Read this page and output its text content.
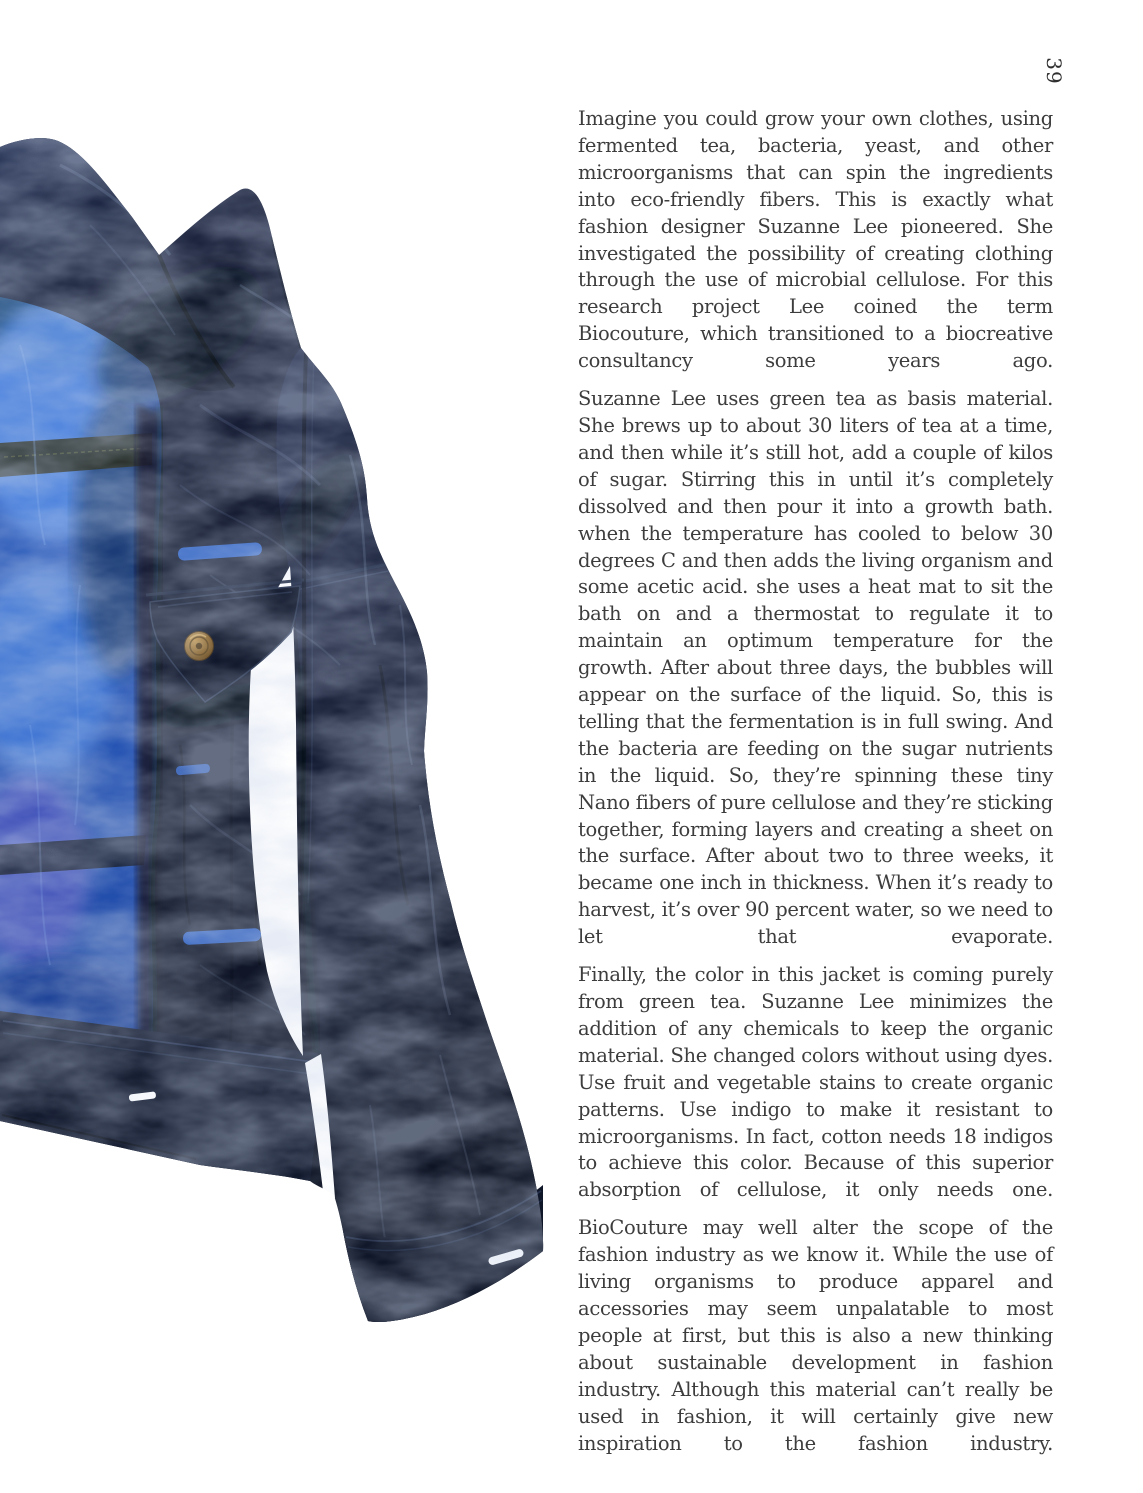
39

Imagine you could grow your own clothes, using fermented tea, bacteria, yeast, and other microorganisms that can spin the ingredients into eco-friendly fibers. This is exactly what fashion designer Suzanne Lee pioneered. She investigated the possibility of creating clothing through the use of microbial cellulose. For this research project Lee coined the term Biocouture, which transitioned to a biocreative consultancy some years ago.

Suzanne Lee uses green tea as basis material. She brews up to about 30 liters of tea at a time, and then while it’s still hot, add a couple of kilos of sugar. Stirring this in until it’s completely dissolved and then pour it into a growth bath. when the temperature has cooled to below 30 degrees C and then adds the living organism and some acetic acid. she uses a heat mat to sit the bath on and a thermostat to regulate it to maintain an optimum temperature for the growth. After about three days, the bubbles will appear on the surface of the liquid. So, this is telling that the fermentation is in full swing. And the bacteria are feeding on the sugar nutrients in the liquid. So, they’re spinning these tiny Nano fibers of pure cellulose and they’re sticking together, forming layers and creating a sheet on the surface. After about two to three weeks, it became one inch in thickness. When it’s ready to harvest, it’s over 90 percent water, so we need to let that evaporate.

Finally, the color in this jacket is coming purely from green tea. Suzanne Lee minimizes the addition of any chemicals to keep the organic material. She changed colors without using dyes. Use fruit and vegetable stains to create organic patterns. Use indigo to make it resistant to microorganisms. In fact, cotton needs 18 indigos to achieve this color. Because of this superior absorption of cellulose, it only needs one.

BioCouture may well alter the scope of the fashion industry as we know it. While the use of living organisms to produce apparel and accessories may seem unpalatable to most people at first, but this is also a new thinking about sustainable development in fashion industry. Although this material can’t really be used in fashion, it will certainly give new inspiration to the fashion industry.
